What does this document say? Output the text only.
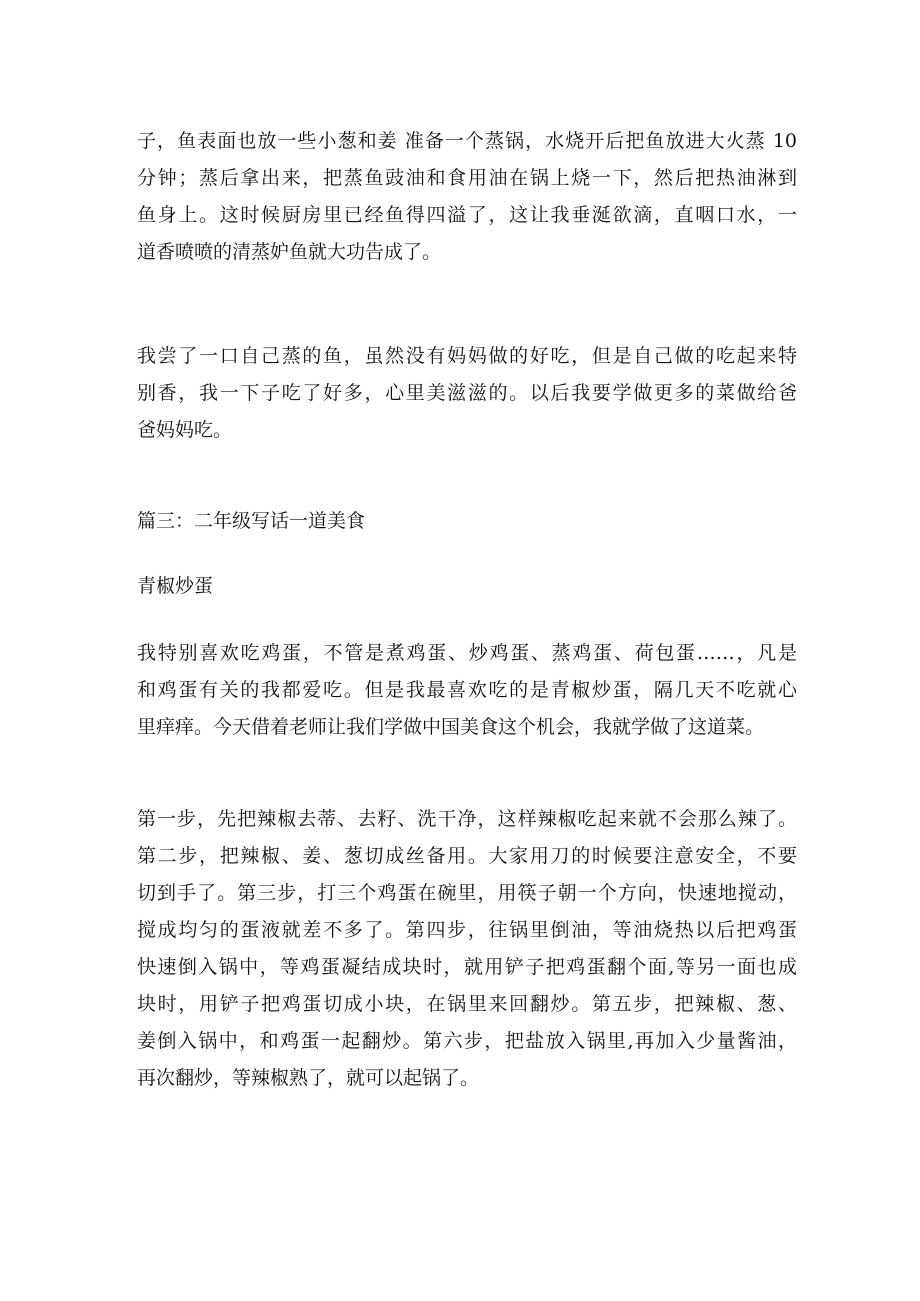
子，鱼表面也放一些小葱和姜 准备一个蒸锅，水烧开后把鱼放进大火蒸 10
分钟；蒸后拿出来，把蒸鱼豉油和食用油在锅上烧一下，然后把热油淋到
鱼身上。这时候厨房里已经鱼得四溢了，这让我垂涎欲滴，直咽口水，一
道香喷喷的清蒸妒鱼就大功告成了。
我尝了一口自己蒸的鱼，虽然没有妈妈做的好吃，但是自己做的吃起来特
别香，我一下子吃了好多，心里美滋滋的。以后我要学做更多的菜做给爸
爸妈妈吃。
篇三：二年级写话一道美食
青椒炒蛋
我特别喜欢吃鸡蛋，不管是煮鸡蛋、炒鸡蛋、蒸鸡蛋、荷包蛋……，凡是
和鸡蛋有关的我都爱吃。但是我最喜欢吃的是青椒炒蛋，隔几天不吃就心
里痒痒。今天借着老师让我们学做中国美食这个机会，我就学做了这道菜。
第一步，先把辣椒去蒂、去籽、洗干净，这样辣椒吃起来就不会那么辣了。
第二步，把辣椒、姜、葱切成丝备用。大家用刀的时候要注意安全，不要
切到手了。第三步，打三个鸡蛋在碗里，用筷子朝一个方向，快速地搅动，
搅成均匀的蛋液就差不多了。第四步，往锅里倒油，等油烧热以后把鸡蛋
快速倒入锅中，等鸡蛋凝结成块时，就用铲子把鸡蛋翻个面,等另一面也成
块时，用铲子把鸡蛋切成小块，在锅里来回翻炒。第五步，把辣椒、葱、
姜倒入锅中，和鸡蛋一起翻炒。第六步，把盐放入锅里,再加入少量酱油，
再次翻炒，等辣椒熟了，就可以起锅了。
